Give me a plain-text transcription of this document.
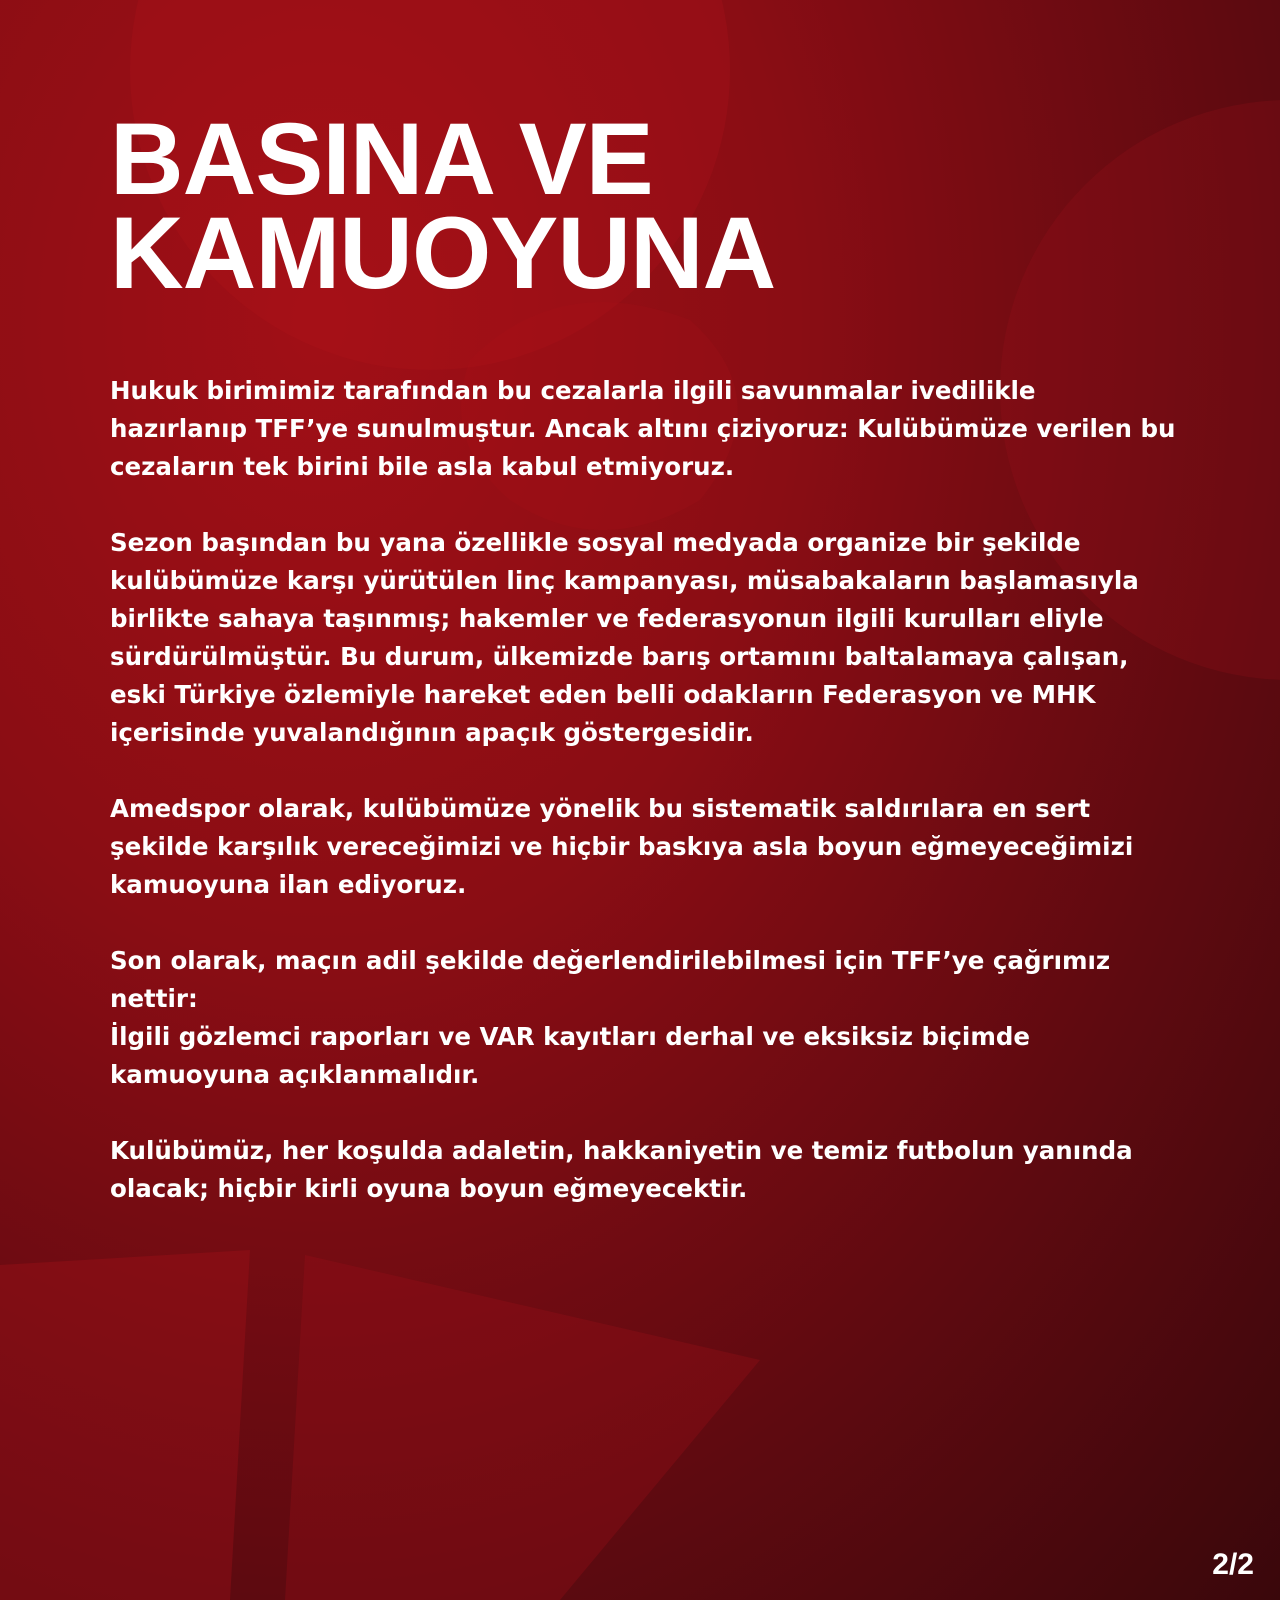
BASINA VE
KAMUOYUNA

Hukuk birimimiz tarafından bu cezalarla ilgili savunmalar ivedilikle hazırlanıp TFF’ye sunulmuştur. Ancak altını çiziyoruz: Kulübümüze verilen bu cezaların tek birini bile asla kabul etmiyoruz.

Sezon başından bu yana özellikle sosyal medyada organize bir şekilde kulübümüze karşı yürütülen linç kampanyası, müsabakaların başlamasıyla birlikte sahaya taşınmış; hakemler ve federasyonun ilgili kurulları eliyle sürdürülmüştür. Bu durum, ülkemizde barış ortamını baltalamaya çalışan, eski Türkiye özlemiyle hareket eden belli odakların Federasyon ve MHK içerisinde yuvalandığının apaçık göstergesidir.

Amedspor olarak, kulübümüze yönelik bu sistematik saldırılara en sert şekilde karşılık vereceğimizi ve hiçbir baskıya asla boyun eğmeyeceğimizi kamuoyuna ilan ediyoruz.

Son olarak, maçın adil şekilde değerlendirilebilmesi için TFF’ye çağrımız nettir:
İlgili gözlemci raporları ve VAR kayıtları derhal ve eksiksiz biçimde kamuoyuna açıklanmalıdır.

Kulübümüz, her koşulda adaletin, hakkaniyetin ve temiz futbolun yanında olacak; hiçbir kirli oyuna boyun eğmeyecektir.

2/2
